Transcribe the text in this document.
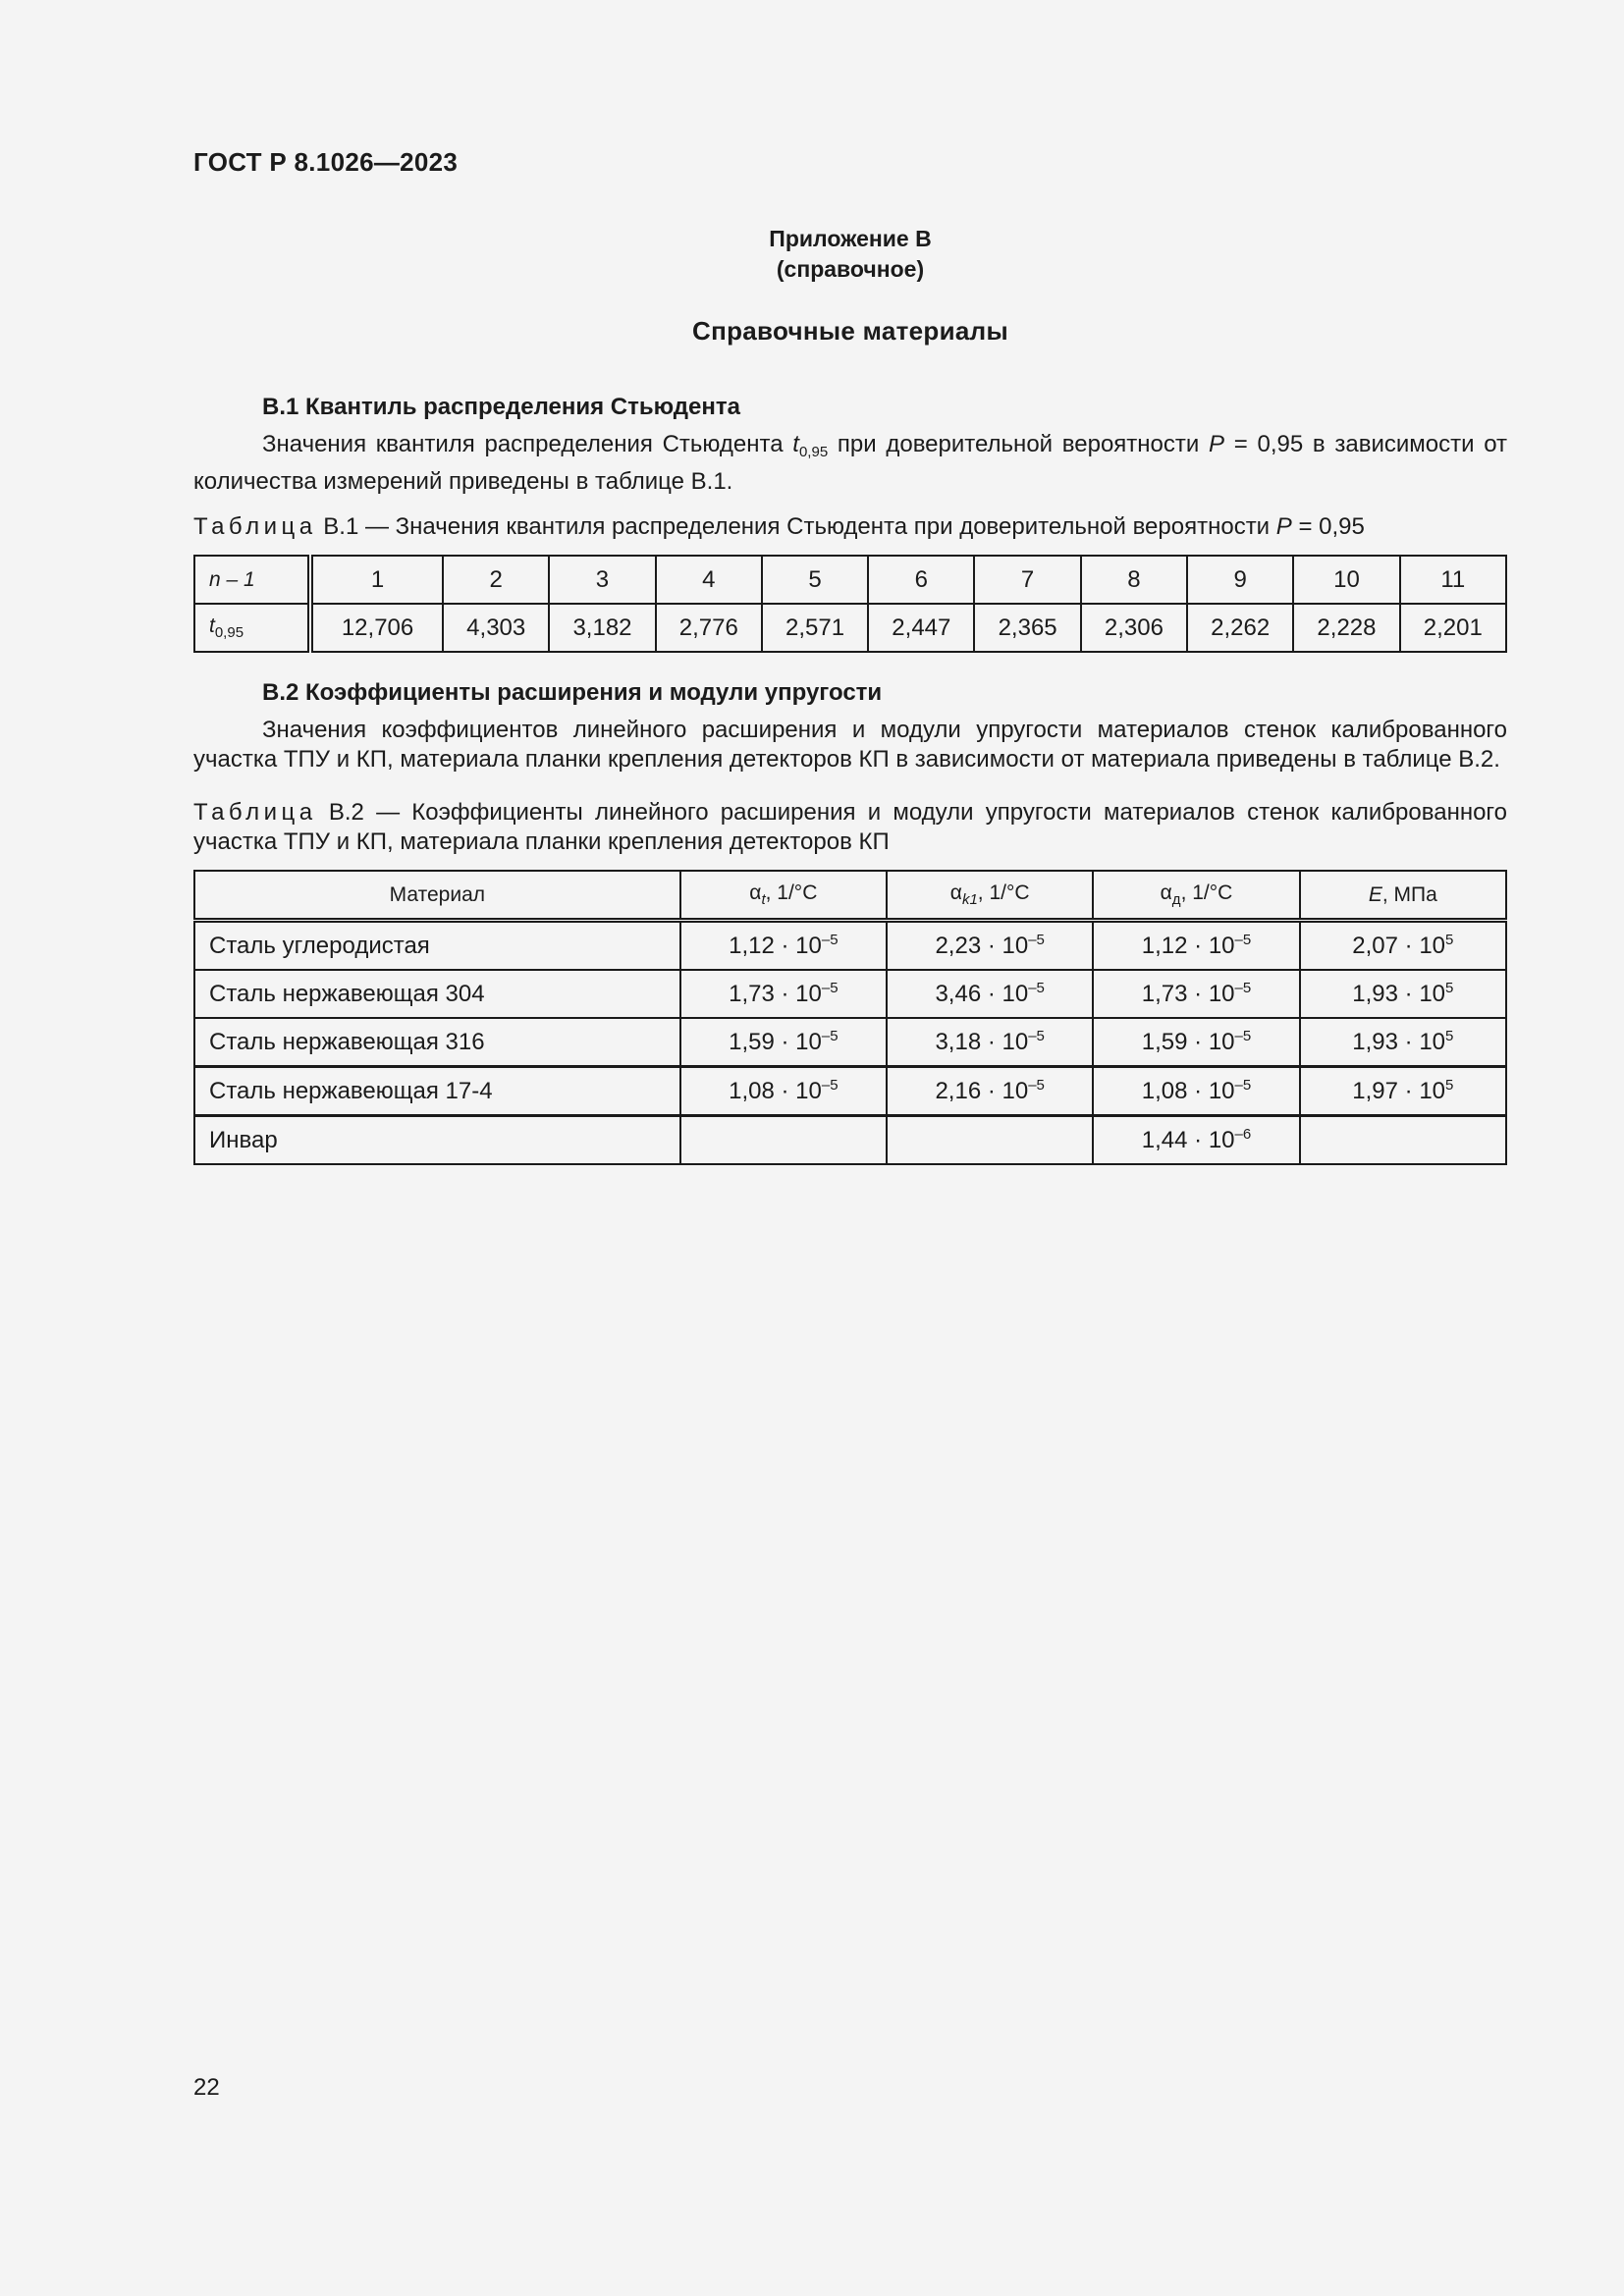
ГОСТ Р 8.1026—2023
Приложение В
(справочное)
Справочные материалы
В.1 Квантиль распределения Стьюдента
Значения квантиля распределения Стьюдента $t_{0,95}$ при доверительной вероятности P = 0,95 в зависимости от количества измерений приведены в таблице В.1.
Таблица В.1 — Значения квантиля распределения Стьюдента при доверительной вероятности P = 0,95
n – 1	1	2	3	4	5	6	7	8	9	10	11
$t_{0,95}$	12,706	4,303	3,182	2,776	2,571	2,447	2,365	2,306	2,262	2,228	2,201
В.2 Коэффициенты расширения и модули упругости
Значения коэффициентов линейного расширения и модули упругости материалов стенок калиброванного участка ТПУ и КП, материала планки крепления детекторов КП в зависимости от материала приведены в таблице В.2.
Таблица В.2 — Коэффициенты линейного расширения и модули упругости материалов стенок калиброванного участка ТПУ и КП, материала планки крепления детекторов КП
Материал	$\alpha_t$, 1/°C	$\alpha_{k1}$, 1/°C	$\alpha_д$, 1/°C	E, МПа
Сталь углеродистая	$1,12 \cdot 10^{-5}$	$2,23 \cdot 10^{-5}$	$1,12 \cdot 10^{-5}$	$2,07 \cdot 10^5$
Сталь нержавеющая 304	$1,73 \cdot 10^{-5}$	$3,46 \cdot 10^{-5}$	$1,73 \cdot 10^{-5}$	$1,93 \cdot 10^5$
Сталь нержавеющая 316	$1,59 \cdot 10^{-5}$	$3,18 \cdot 10^{-5}$	$1,59 \cdot 10^{-5}$	$1,93 \cdot 10^5$
Сталь нержавеющая 17-4	$1,08 \cdot 10^{-5}$	$2,16 \cdot 10^{-5}$	$1,08 \cdot 10^{-5}$	$1,97 \cdot 10^5$
Инвар			$1,44 \cdot 10^{-6}$	
22
